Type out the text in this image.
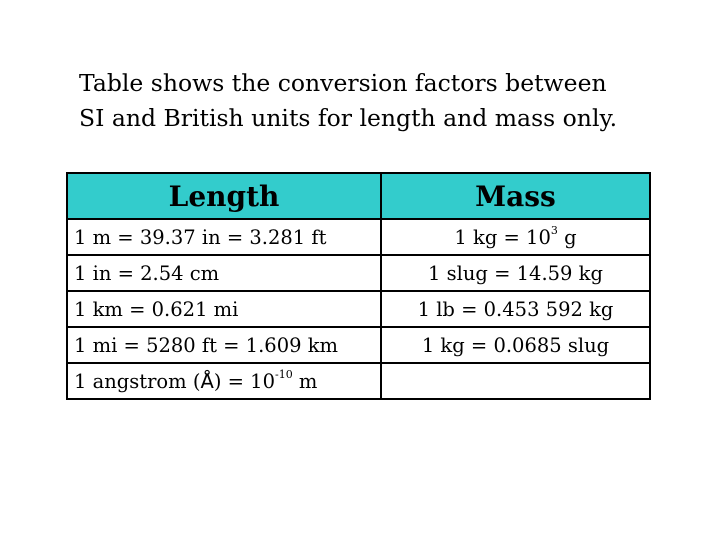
Table shows the conversion factors between
SI and British units for length and mass only.

Length	Mass
1 m = 39.37 in = 3.281 ft	1 kg = $10^3$ g
1 in = 2.54 cm	1 slug = 14.59 kg
1 km = 0.621 mi	1 lb = 0.453 592 kg
1 mi = 5280 ft = 1.609 km	1 kg = 0.0685 slug
1 angstrom (Å) = $10^{-10}$ m	
